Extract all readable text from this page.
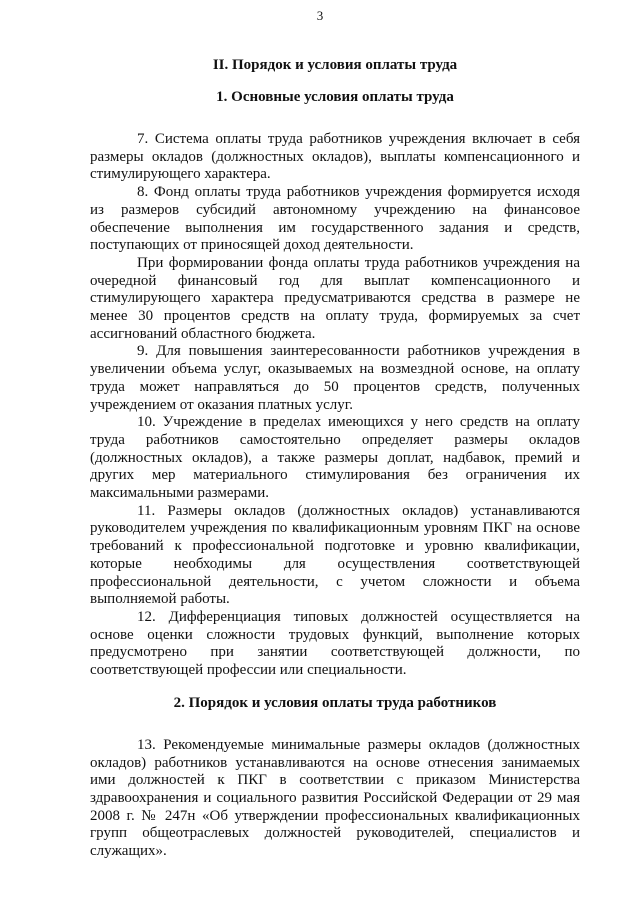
3
II. Порядок и условия оплаты труда
1. Основные условия оплаты труда

7. Система оплаты труда работников учреждения включает в себя размеры окладов (должностных окладов), выплаты компенсационного и стимулирующего характера.

8. Фонд оплаты труда работников учреждения формируется исходя из размеров субсидий автономному учреждению на финансовое обеспечение выполнения им государственного задания и средств, поступающих от приносящей доход деятельности.

При формировании фонда оплаты труда работников учреждения на очередной финансовый год для выплат компенсационного и стимулирующего характера предусматриваются средства в размере не менее 30 процентов средств на оплату труда, формируемых за счет ассигнований областного бюджета.

9. Для повышения заинтересованности работников учреждения в увеличении объема услуг, оказываемых на возмездной основе, на оплату труда может направляться до 50 процентов средств, полученных учреждением от оказания платных услуг.

10. Учреждение в пределах имеющихся у него средств на оплату труда работников самостоятельно определяет размеры окладов (должностных окладов), а также размеры доплат, надбавок, премий и других мер материального стимулирования без ограничения их максимальными размерами.

11. Размеры окладов (должностных окладов) устанавливаются руководителем учреждения по квалификационным уровням ПКГ на основе требований к профессиональной подготовке и уровню квалификации, которые необходимы для осуществления соответствующей профессиональной деятельности, с учетом сложности и объема выполняемой работы.

12. Дифференциация типовых должностей осуществляется на основе оценки сложности трудовых функций, выполнение которых предусмотрено при занятии соответствующей должности, по соответствующей профессии или специальности.

2. Порядок и условия оплаты труда работников

13. Рекомендуемые минимальные размеры окладов (должностных окладов) работников устанавливаются на основе отнесения занимаемых ими должностей к ПКГ в соответствии с приказом Министерства здравоохранения и социального развития Российской Федерации от 29 мая 2008 г. № 247н «Об утверждении профессиональных квалификационных групп общеотраслевых должностей руководителей, специалистов и служащих».
